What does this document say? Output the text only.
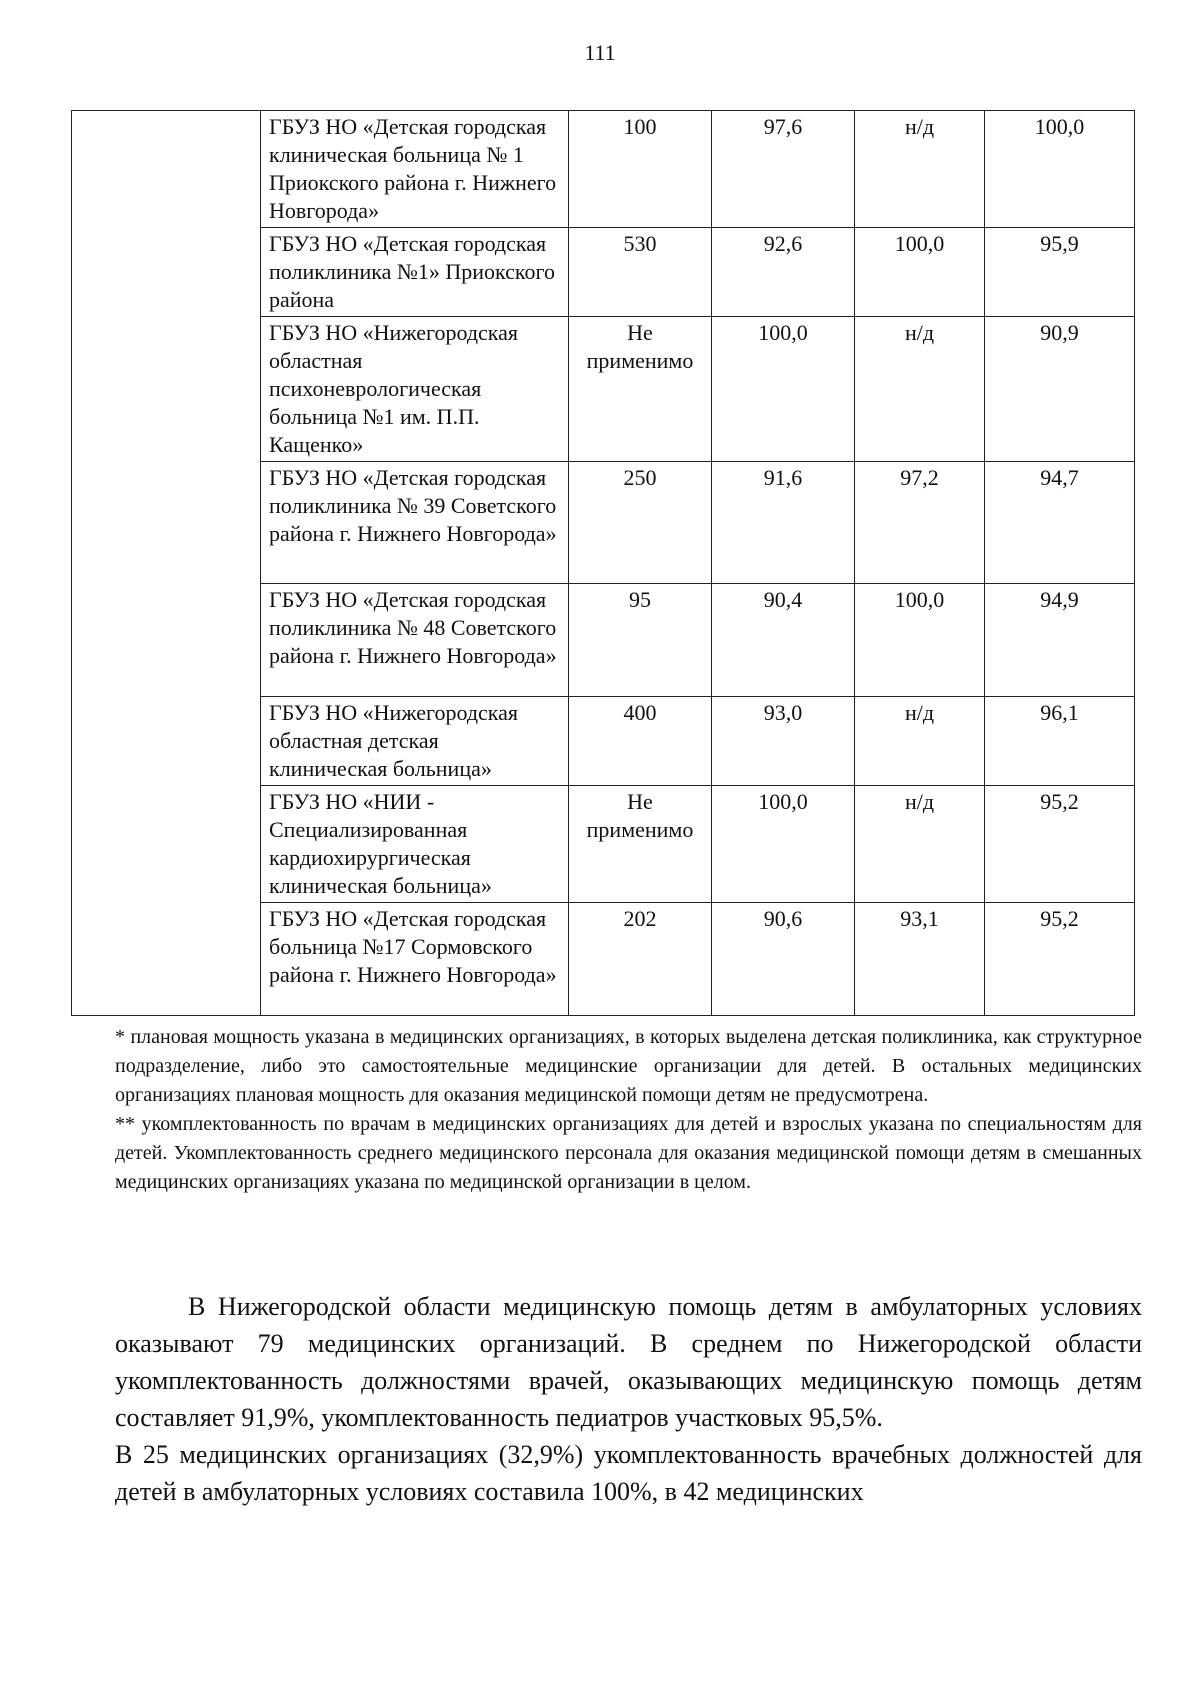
111
	ГБУЗ НО «Детская городская клиническая больница № 1 Приокского района г. Нижнего Новгорода»	100	97,6	н/д	100,0
	ГБУЗ НО «Детская городская поликлиника №1» Приокского района	530	92,6	100,0	95,9
	ГБУЗ НО «Нижегородская областная психоневрологическая больница №1 им. П.П. Кащенко»	Не применимо	100,0	н/д	90,9
	ГБУЗ НО «Детская городская поликлиника № 39 Советского района г. Нижнего Новгорода»	250	91,6	97,2	94,7
	ГБУЗ НО «Детская городская поликлиника № 48 Советского района г. Нижнего Новгорода»	95	90,4	100,0	94,9
	ГБУЗ НО «Нижегородская областная детская клиническая больница»	400	93,0	н/д	96,1
	ГБУЗ НО «НИИ - Специализированная кардиохирургическая клиническая больница»	Не применимо	100,0	н/д	95,2
	ГБУЗ НО «Детская городская больница №17 Сормовского района г. Нижнего Новгорода»	202	90,6	93,1	95,2

* плановая мощность указана в медицинских организациях, в которых выделена детская поликлиника, как структурное подразделение, либо это самостоятельные медицинские организации для детей. В остальных медицинских организациях плановая мощность для оказания медицинской помощи детям не предусмотрена.

** укомплектованность по врачам в медицинских организациях для детей и взрослых указана по специальностям для детей. Укомплектованность среднего медицинского персонала для оказания медицинской помощи детям в смешанных медицинских организациях указана по медицинской организации в целом.

В Нижегородской области медицинскую помощь детям в амбулаторных условиях оказывают 79 медицинских организаций. В среднем по Нижегородской области укомплектованность должностями врачей, оказывающих медицинскую помощь детям составляет 91,9%, укомплектованность педиатров участковых 95,5%.

В 25 медицинских организациях (32,9%) укомплектованность врачебных должностей для детей в амбулаторных условиях составила 100%, в 42 медицинских
